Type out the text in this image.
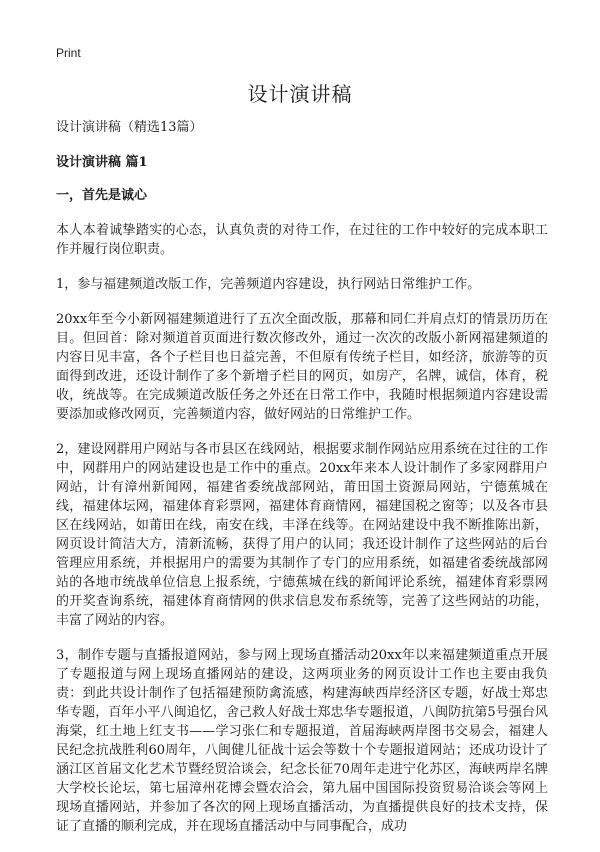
Print
设计演讲稿

设计演讲稿（精选13篇）

设计演讲稿 篇1

一，首先是诚心

本人本着诚挚踏实的心态，认真负责的对待工作，在过往的工作中较好的完成本职工作并履行岗位职责。

1，参与福建频道改版工作，完善频道内容建设，执行网站日常维护工作。

20xx年至今小新网福建频道进行了五次全面改版，那幕和同仁并肩点灯的情景历历在目。但回首：除对频道首页面进行数次修改外，通过一次次的改版小新网福建频道的内容日见丰富，各个子栏目也日益完善，不但原有传统子栏目，如经济，旅游等的页面得到改进，还设计制作了多个新增子栏目的网页，如房产，名牌，诚信，体育，税收，统战等。在完成频道改版任务之外还在日常工作中，我随时根据频道内容建设需要添加或修改网页，完善频道内容，做好网站的日常维护工作。

2，建设网群用户网站与各市县区在线网站，根据要求制作网站应用系统在过往的工作中，网群用户的网站建设也是工作中的重点。20xx年来本人设计制作了多家网群用户网站，计有漳州新闻网，福建省委统战部网站，莆田国土资源局网站，宁德蕉城在线，福建体坛网，福建体育彩票网，福建体育商情网，福建国税之窗等；以及各市县区在线网站，如莆田在线，南安在线，丰泽在线等。在网站建设中我不断推陈出新，网页设计简洁大方，清新流畅，获得了用户的认同；我还设计制作了这些网站的后台管理应用系统，并根据用户的需要为其制作了专门的应用系统，如福建省委统战部网站的各地市统战单位信息上报系统，宁德蕉城在线的新闻评论系统，福建体育彩票网的开奖查询系统，福建体育商情网的供求信息发布系统等，完善了这些网站的功能，丰富了网站的内容。

3，制作专题与直播报道网站，参与网上现场直播活动20xx年以来福建频道重点开展了专题报道与网上现场直播网站的建设，这两项业务的网页设计工作也主要由我负责：到此共设计制作了包括福建预防禽流感，构建海峡西岸经济区专题，好战士郑忠华专题，百年小平八闽追忆，舍己救人好战士郑忠华专题报道，八闽防抗第5号强台风海棠，红土地上红支书——学习张仁和专题报道，首届海峡两岸图书交易会，福建人民纪念抗战胜利60周年，八闽健儿征战十运会等数十个专题报道网站；还成功设计了涵江区首届文化艺术节暨经贸洽谈会，纪念长征70周年走进宁化苏区，海峡两岸名牌大学校长论坛，第七届漳州花博会暨农洽会，第九届中国国际投资贸易洽谈会等网上现场直播网站，并参加了各次的网上现场直播活动，为直播提供良好的技术支持，保证了直播的顺利完成，并在现场直播活动中与同事配合，成功
